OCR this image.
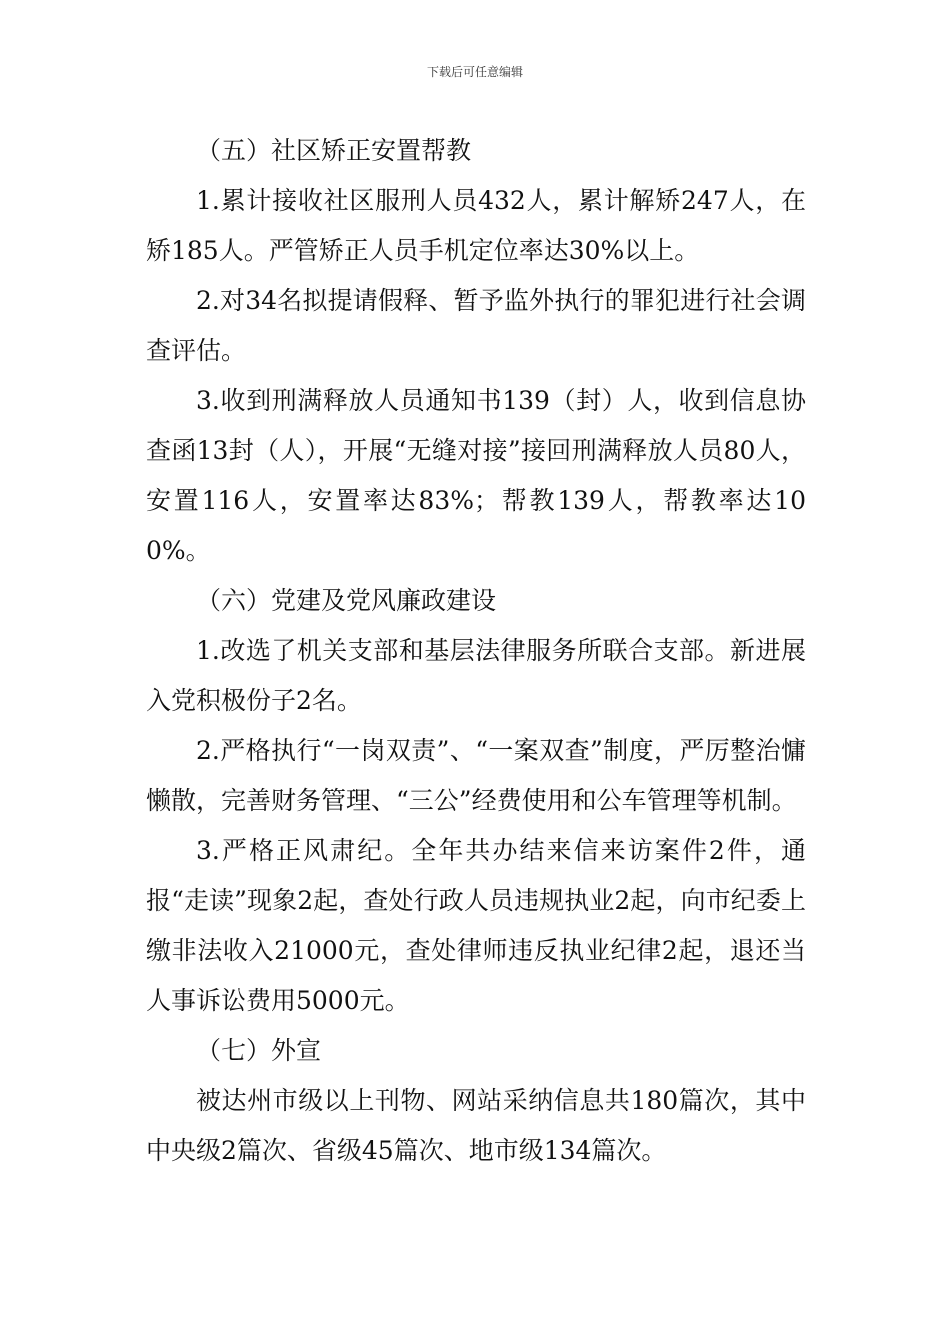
下载后可任意编辑

（五）社区矫正安置帮教

1.累计接收社区服刑人员432人，累计解矫247人，在矫185人。严管矫正人员手机定位率达30%以上。

2.对34名拟提请假释、暂予监外执行的罪犯进行社会调查评估。

3.收到刑满释放人员通知书139（封）人，收到信息协查函13封（人），开展“无缝对接”接回刑满释放人员80人，安置116人，安置率达83%；帮教139人，帮教率达100%。

（六）党建及党风廉政建设

1.改选了机关支部和基层法律服务所联合支部。新进展入党积极份子2名。

2.严格执行“一岗双责”、“一案双查”制度，严厉整治慵懒散，完善财务管理、“三公”经费使用和公车管理等机制。

3.严格正风肃纪。全年共办结来信来访案件2件，通报“走读”现象2起，查处行政人员违规执业2起，向市纪委上缴非法收入21000元，查处律师违反执业纪律2起，退还当人事诉讼费用5000元。

（七）外宣

被达州市级以上刊物、网站采纳信息共180篇次，其中中央级2篇次、省级45篇次、地市级134篇次。
